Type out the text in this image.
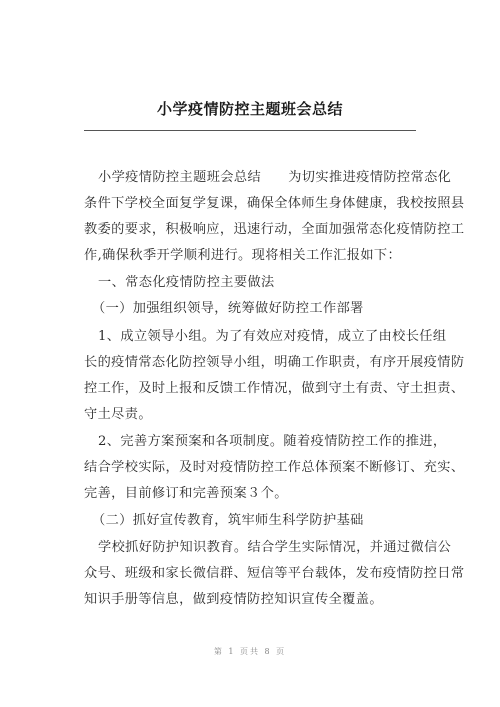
小学疫情防控主题班会总结
小学疫情防控主题班会总结　　为切实推进疫情防控常态化
条件下学校全面复学复课，确保全体师生身体健康，我校按照县
教委的要求，积极响应，迅速行动，全面加强常态化疫情防控工
作,确保秋季开学顺利进行。现将相关工作汇报如下：
一、常态化疫情防控主要做法
（一）加强组织领导，统筹做好防控工作部署
1、成立领导小组。为了有效应对疫情，成立了由校长任组
长的疫情常态化防控领导小组，明确工作职责，有序开展疫情防
控工作，及时上报和反馈工作情况，做到守土有责、守土担责、
守土尽责。
2、完善方案预案和各项制度。随着疫情防控工作的推进，
结合学校实际，及时对疫情防控工作总体预案不断修订、充实、
完善，目前修订和完善预案３个。
（二）抓好宣传教育，筑牢师生科学防护基础
学校抓好防护知识教育。结合学生实际情况，并通过微信公
众号、班级和家长微信群、短信等平台载体，发布疫情防控日常
知识手册等信息，做到疫情防控知识宣传全覆盖。
第 1 页共 8 页
